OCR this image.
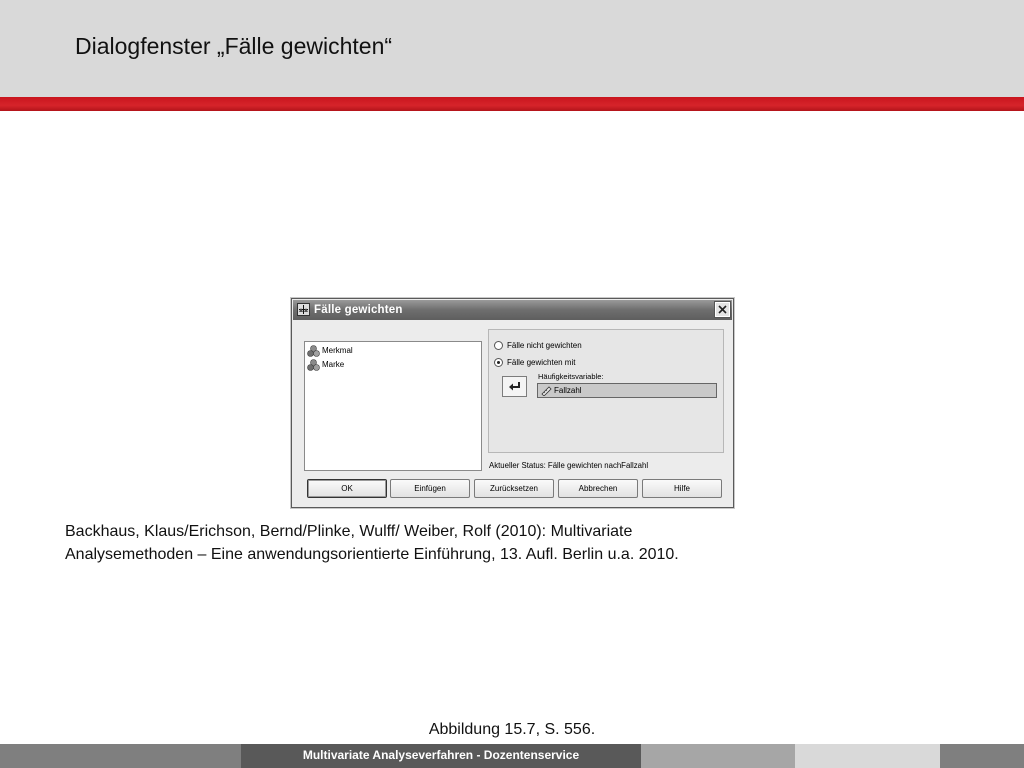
Dialogfenster „Fälle gewichten“
Fälle gewichten
Merkmal
Marke
Fälle nicht gewichten
Fälle gewichten mit
Häufigkeitsvariable:
Fallzahl
Aktueller Status: Fälle gewichten nachFallzahl
OK	Einfügen	Zurücksetzen	Abbrechen	Hilfe
Backhaus, Klaus/Erichson, Bernd/Plinke, Wulff/ Weiber, Rolf (2010): Multivariate
Analysemethoden – Eine anwendungsorientierte Einführung, 13. Aufl. Berlin u.a. 2010.
Abbildung 15.7, S. 556.
Multivariate Analyseverfahren - Dozentenservice
